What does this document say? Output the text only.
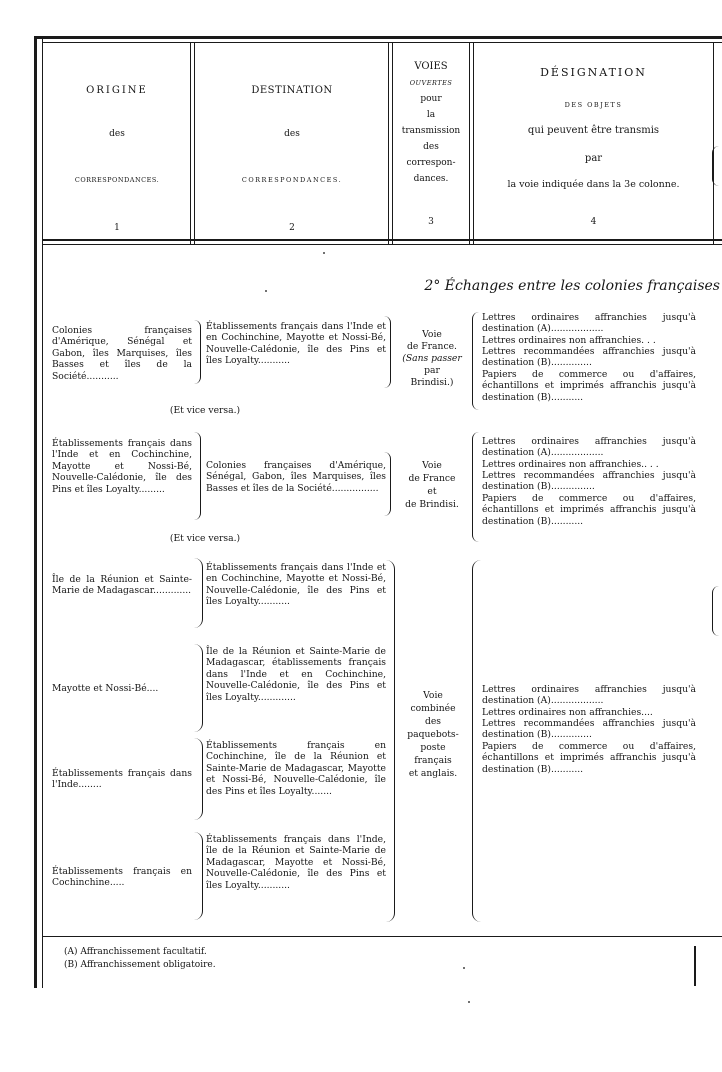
ORIGINE
des
CORRESPONDANCES.
1
DESTINATION
des
CORRESPONDANCES.
2
VOIES
OUVERTES
pour
la
transmission
des
correspon-
dances.
3
DÉSIGNATION
DES OBJETS
qui peuvent être transmis
par
la voie indiquée dans la 3e colonne.
4
2° Échanges entre les colonies françaises
Colonies françaises d'Amérique, Sénégal et Gabon, îles Marquises, îles Basses et îles de la Société...........
Établissements français dans l'Inde et en Cochinchine, Mayotte et Nossi-Bé, Nouvelle-Calédonie, île des Pins et îles Loyalty...........
Voie
de France.
(Sans passer
par
Brindisi.)
Lettres ordinaires affranchies jusqu'à destination (A)..................
Lettres ordinaires non affranchies. . .
Lettres recommandées affranchies jusqu'à destination (B)..............
Papiers de commerce ou d'affaires, échantillons et imprimés affranchis jusqu'à destination (B)...........
(Et vice versa.)
Établissements français dans l'Inde et en Cochinchine, Mayotte et Nossi-Bé, Nouvelle-Calédonie, île des Pins et îles Loyalty.........
Colonies françaises d'Amérique, Sénégal, Gabon, îles Marquises, îles Basses et îles de la Société................
Voie
de France
et
de Brindisi.
Lettres ordinaires affranchies jusqu'à destination (A)..................
Lettres ordinaires non affranchies.. . .
Lettres recommandées affranchies jusqu'à destination (B)...............
Papiers de commerce ou d'affaires, échantillons et imprimés affranchis jusqu'à destination (B)...........
(Et vice versa.)
Île de la Réunion et Sainte-Marie de Madagascar.............
Établissements français dans l'Inde et en Cochinchine, Mayotte et Nossi-Bé, Nouvelle-Calédonie, île des Pins et îles Loyalty...........
Mayotte et Nossi-Bé....
Île de la Réunion et Sainte-Marie de Madagascar, établissements français dans l'Inde et en Cochinchine, Nouvelle-Calédonie, île des Pins et îles Loyalty.............
Établissements français dans l'Inde........
Établissements français en Cochinchine, île de la Réunion et Sainte-Marie de Madagascar, Mayotte et Nossi-Bé, Nouvelle-Calédonie, île des Pins et îles Loyalty.......
Établissements français en Cochinchine.....
Établissements français dans l'Inde, île de la Réunion et Sainte-Marie de Madagascar, Mayotte et Nossi-Bé, Nouvelle-Calédonie, île des Pins et îles Loyalty...........
Voie
combinée
des
paquebots-
poste
français
et anglais.
Lettres ordinaires affranchies jusqu'à destination (A)..................
Lettres ordinaires non affranchies....
Lettres recommandées affranchies jusqu'à destination (B)..............
Papiers de commerce ou d'affaires, échantillons et imprimés affranchis jusqu'à destination (B)...........
(A) Affranchissement facultatif.
(B) Affranchissement obligatoire.
